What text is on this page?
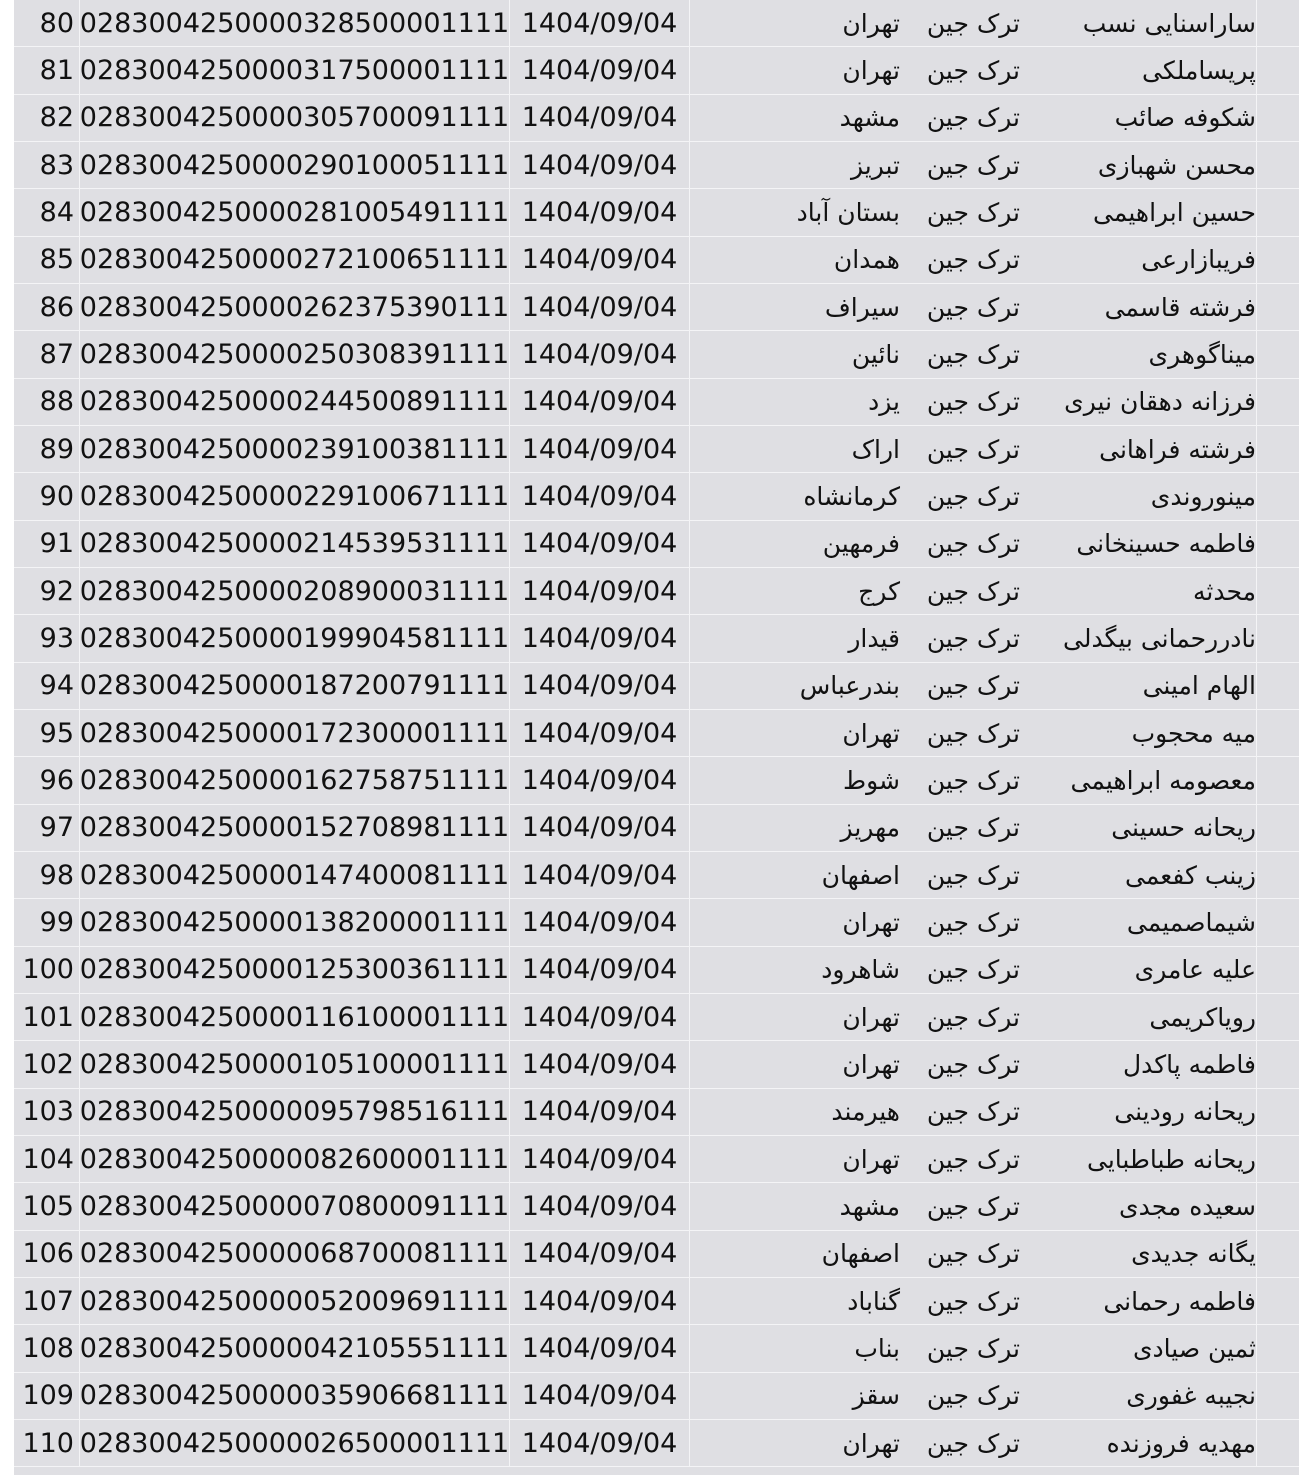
80 0283004250000328500001111 1404/09/04	تهران	ترک جین	ساراسنایی نسب
81 0283004250000317500001111 1404/09/04	تهران	ترک جین	پریساملکی
82 0283004250000305700091111 1404/09/04	مشهد	ترک جین	شکوفه صائب
83 0283004250000290100051111 1404/09/04	تبریز	ترک جین	محسن شهبازی
84 0283004250000281005491111 1404/09/04	بستان آباد	ترک جین	حسین ابراهیمی
85 0283004250000272100651111 1404/09/04	همدان	ترک جین	فریبازارعی
86 0283004250000262375390111 1404/09/04	سیراف	ترک جین	فرشته قاسمی
87 0283004250000250308391111 1404/09/04	نائین	ترک جین	میناگوهری
88 0283004250000244500891111 1404/09/04	یزد	ترک جین	فرزانه دهقان نیری
89 0283004250000239100381111 1404/09/04	اراک	ترک جین	فرشته فراهانی
90 0283004250000229100671111 1404/09/04	کرمانشاه	ترک جین	مینوروندی
91 0283004250000214539531111 1404/09/04	فرمهین	ترک جین	فاطمه حسینخانی
92 0283004250000208900031111 1404/09/04	کرج	ترک جین	محدثه
93 0283004250000199904581111 1404/09/04	قیدار	ترک جین	نادررحمانی بیگدلی
94 0283004250000187200791111 1404/09/04	بندرعباس	ترک جین	الهام امینی
95 0283004250000172300001111 1404/09/04	تهران	ترک جین	میه محجوب
96 0283004250000162758751111 1404/09/04	شوط	ترک جین	معصومه ابراهیمی
97 0283004250000152708981111 1404/09/04	مهریز	ترک جین	ریحانه حسینی
98 0283004250000147400081111 1404/09/04	اصفهان	ترک جین	زینب کفعمی
99 0283004250000138200001111 1404/09/04	تهران	ترک جین	شیماصمیمی
100 0283004250000125300361111 1404/09/04	شاهرود	ترک جین	علیه عامری
101 0283004250000116100001111 1404/09/04	تهران	ترک جین	رویاکریمی
102 0283004250000105100001111 1404/09/04	تهران	ترک جین	فاطمه پاکدل
103 0283004250000095798516111 1404/09/04	هیرمند	ترک جین	ریحانه رودینی
104 0283004250000082600001111 1404/09/04	تهران	ترک جین	ریحانه طباطبایی
105 0283004250000070800091111 1404/09/04	مشهد	ترک جین	سعیده مجدی
106 0283004250000068700081111 1404/09/04	اصفهان	ترک جین	یگانه جدیدی
107 0283004250000052009691111 1404/09/04	گناباد	ترک جین	فاطمه رحمانی
108 0283004250000042105551111 1404/09/04	بناب	ترک جین	ثمین صیادی
109 0283004250000035906681111 1404/09/04	سقز	ترک جین	نجیبه غفوری
110 0283004250000026500001111 1404/09/04	تهران	ترک جین	مهدیه فروزنده
